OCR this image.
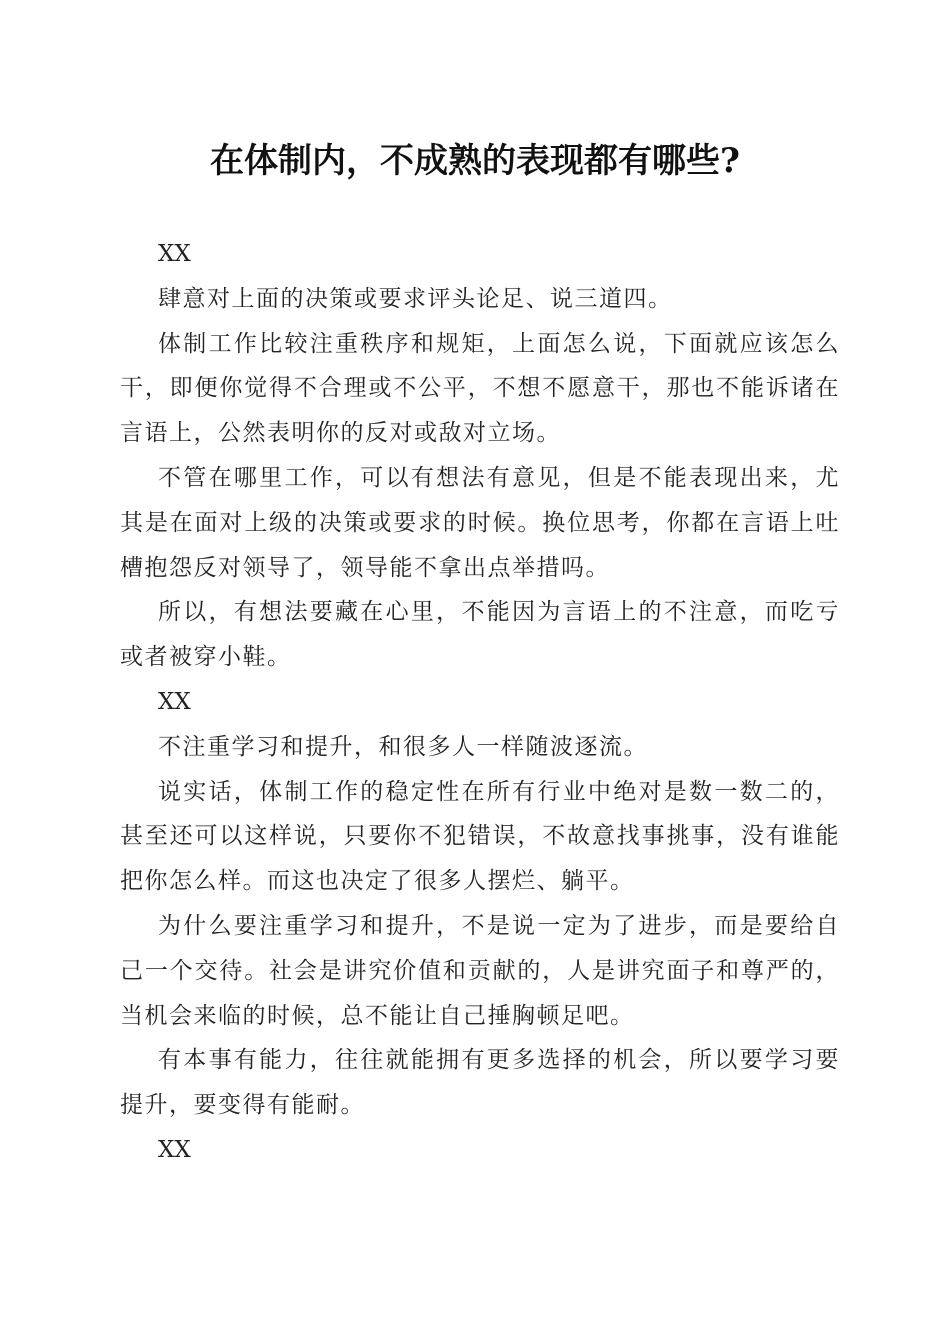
在体制内，不成熟的表现都有哪些?

XX

肆意对上面的决策或要求评头论足、说三道四。

体制工作比较注重秩序和规矩，上面怎么说，下面就应该怎么干，即便你觉得不合理或不公平，不想不愿意干，那也不能诉诸在言语上，公然表明你的反对或敌对立场。

不管在哪里工作，可以有想法有意见，但是不能表现出来，尤其是在面对上级的决策或要求的时候。换位思考，你都在言语上吐槽抱怨反对领导了，领导能不拿出点举措吗。

所以，有想法要藏在心里，不能因为言语上的不注意，而吃亏或者被穿小鞋。

XX

不注重学习和提升，和很多人一样随波逐流。

说实话，体制工作的稳定性在所有行业中绝对是数一数二的，甚至还可以这样说，只要你不犯错误，不故意找事挑事，没有谁能把你怎么样。而这也决定了很多人摆烂、躺平。

为什么要注重学习和提升，不是说一定为了进步，而是要给自己一个交待。社会是讲究价值和贡献的，人是讲究面子和尊严的，当机会来临的时候，总不能让自己捶胸顿足吧。

有本事有能力，往往就能拥有更多选择的机会，所以要学习要提升，要变得有能耐。

XX
